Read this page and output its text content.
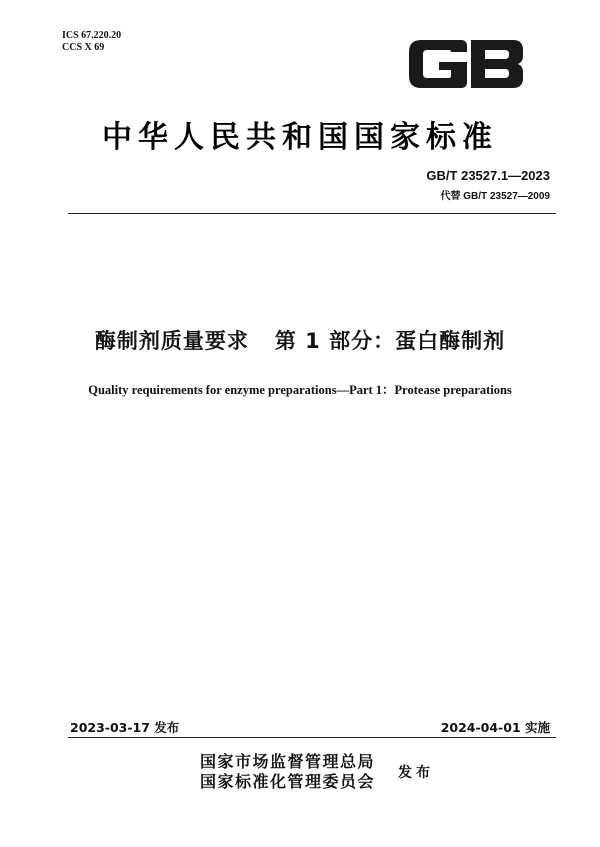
ICS 67.220.20
CCS X 69
中华人民共和国国家标准
GB/T 23527.1—2023
代替 GB/T 23527—2009
酶制剂质量要求 第 1 部分：蛋白酶制剂
Quality requirements for enzyme preparations—Part 1：Protease preparations
2023-03-17 发布	2024-04-01 实施
国家市场监督管理总局
国家标准化管理委员会 发布
